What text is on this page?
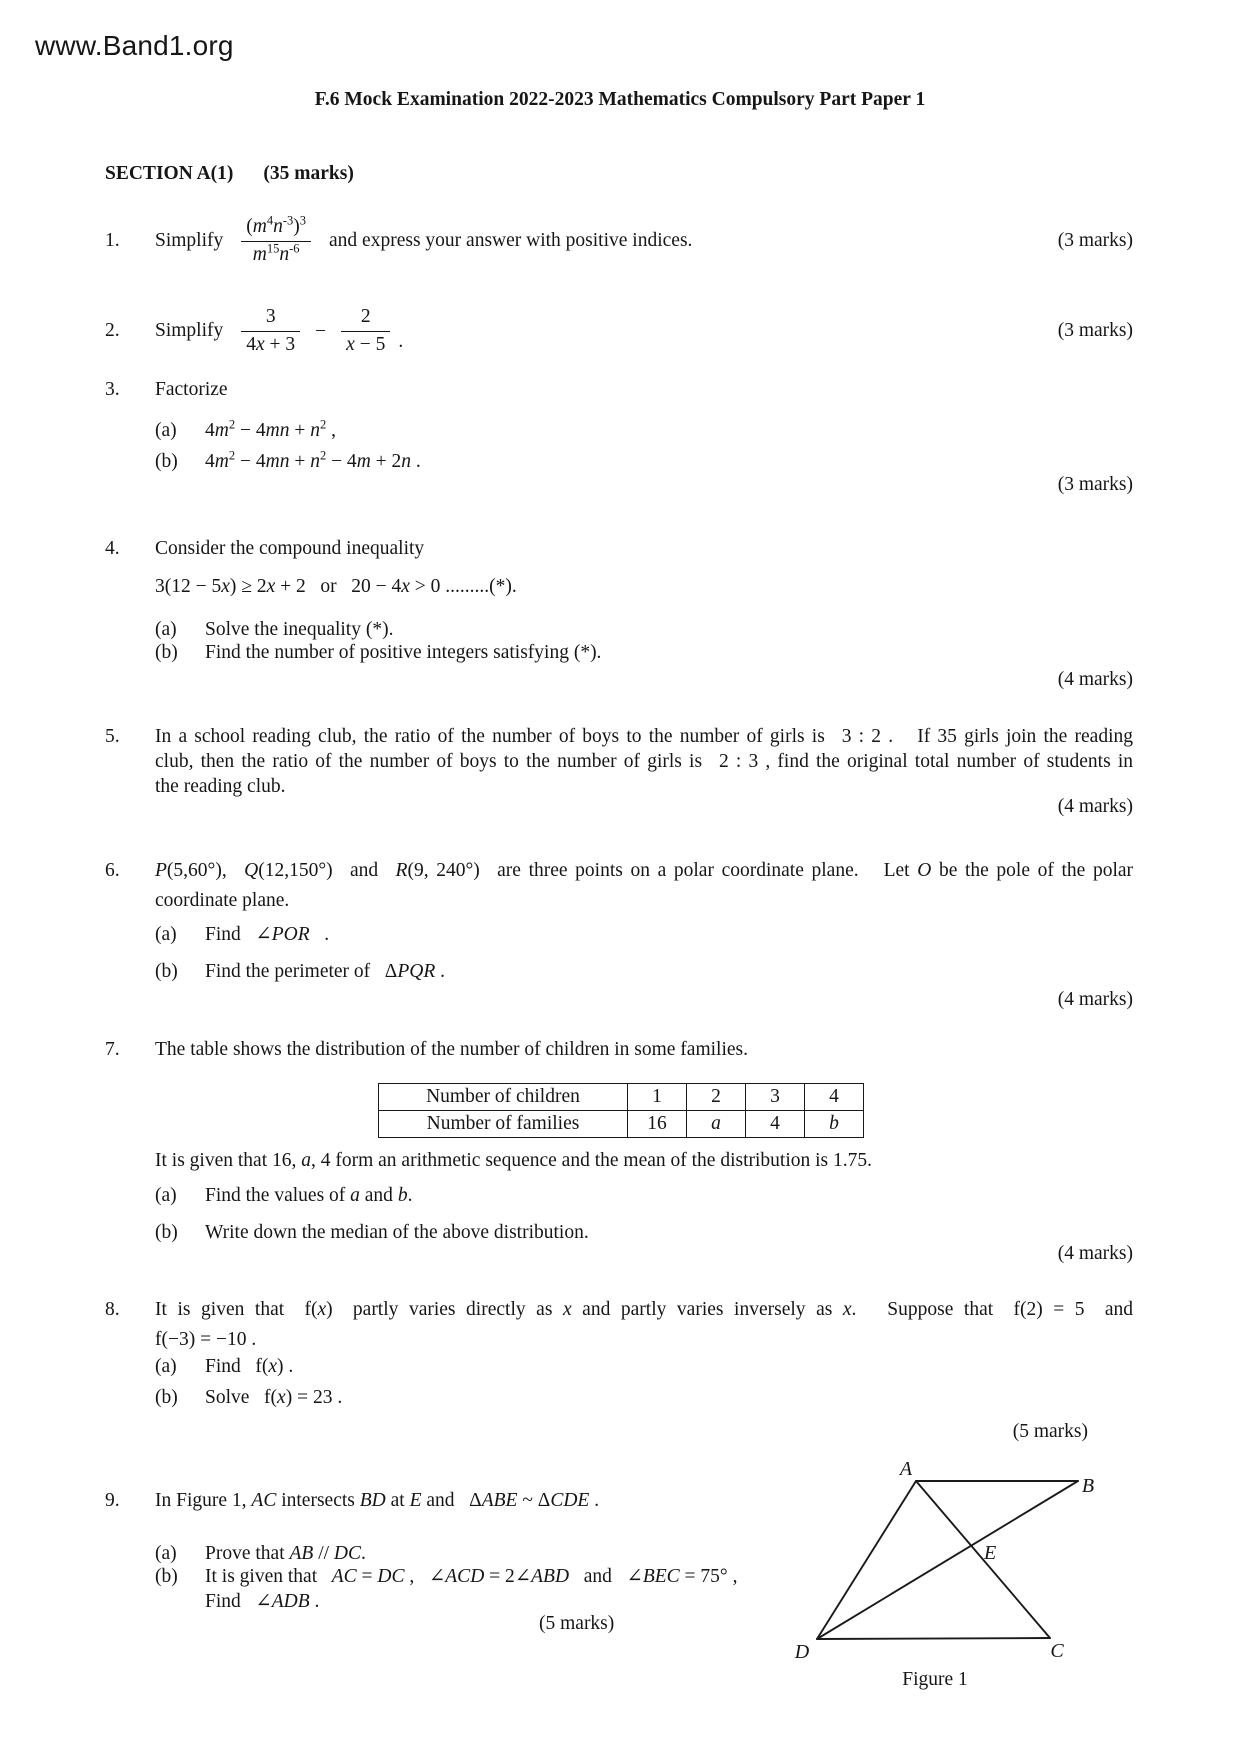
www.Band1.org
F.6 Mock Examination 2022-2023 Mathematics Compulsory Part Paper 1
SECTION A(1) (35 marks)
1.	Simplify $\frac{(m^4n^{-3})^3}{m^{15}n^{-6}}$ and express your answer with positive indices.	(3 marks)
2.	Simplify $\frac{3}{4x + 3} - \frac{2}{x - 5}$ .
(3 marks)
3. Factorize
(a) $4m^2 - 4mn + n^2$ ,
(b) $4m^2 - 4mn + n^2 - 4m + 2n$ .
(3 marks)
4. Consider the compound inequality
3(12 − 5x) ≥ 2x + 2  or  20 − 4x > 0 .........(*).
(a) Solve the inequality (*).
(b) Find the number of positive integers satisfying (*).
(4 marks)
5.	In a school reading club, the ratio of the number of boys to the number of girls is  3 : 2 .   If 35 girls join the reading
club, then the ratio of the number of boys to the number of girls is  2 : 3 , find the original total number of students in
the reading club.
(4 marks)
6.	P(5,60°),  Q(12,150°)  and  R(9, 240°)  are three points on a polar coordinate plane.   Let O be the pole of the polar
coordinate plane.
(a) Find  ∠POR  .
(b) Find the perimeter of  ΔPQR .
(4 marks)
7. The table shows the distribution of the number of children in some families.
Number of children	1	2	3	4
Number of families	16	a	4	b
It is given that 16, a, 4 form an arithmetic sequence and the mean of the distribution is 1.75.
(a) Find the values of a and b.
(b) Write down the median of the above distribution.
(4 marks)
8.	It is given that  f(x)  partly varies directly as x and partly varies inversely as x.   Suppose that  f(2) = 5  and
f(−3) = −10 .
(a) Find  f(x) .
(b) Solve  f(x) = 23 .
(5 marks)
9. In Figure 1, AC intersects BD at E and  ΔABE ~ ΔCDE .
(a) Prove that AB // DC.
(b) It is given that  AC = DC ,  ∠ACD = 2∠ABD  and  ∠BEC = 75° ,
Find  ∠ADB .
(5 marks)
A
B
E
D	C
Figure 1
